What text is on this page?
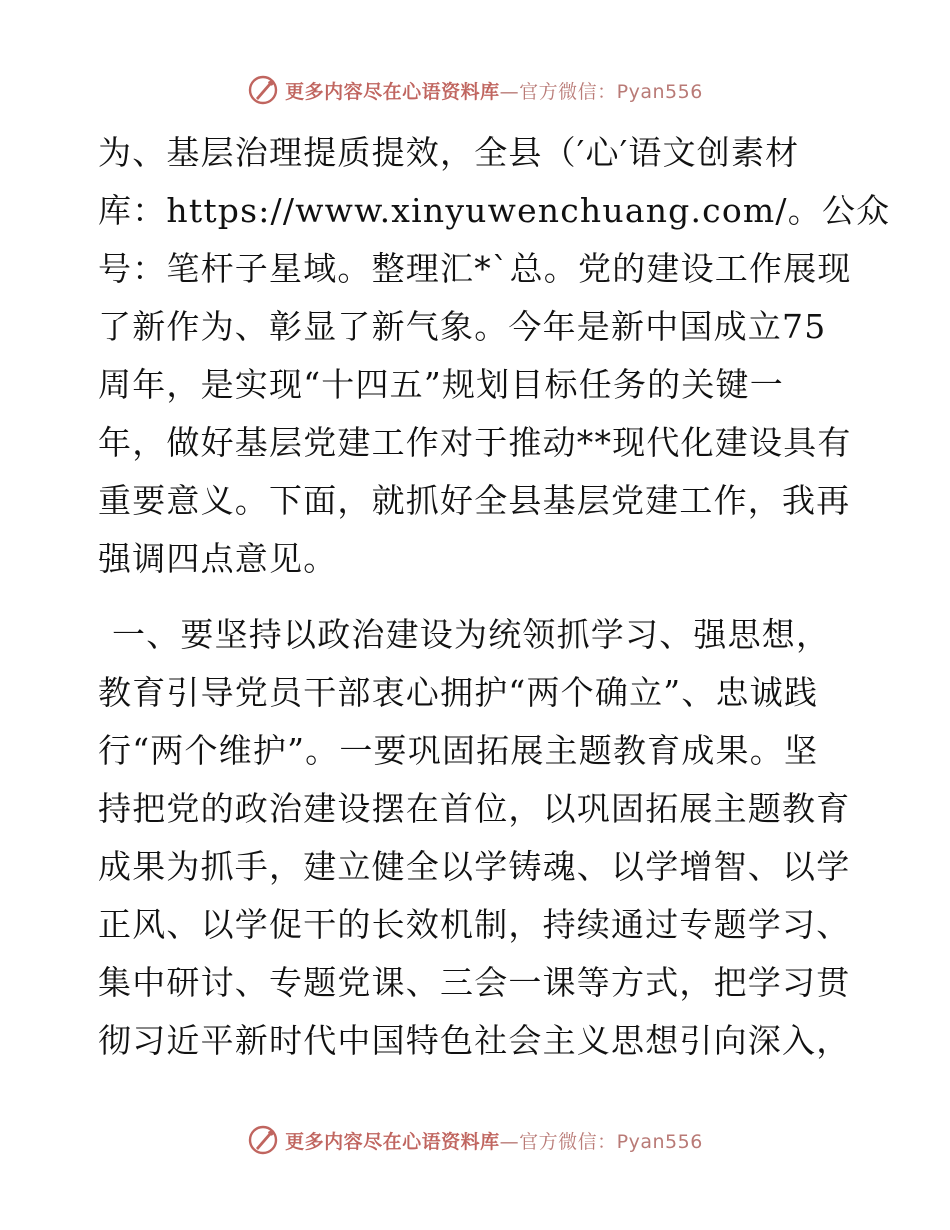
更多内容尽在心语资料库—官方微信：Pyan556
为、基层治理提质提效，全县（′心′语文创素材
库：https://www.xinyuwenchuang.com/。公众
号：笔杆子星域。整理汇*`总。党的建设工作展现
了新作为、彰显了新气象。今年是新中国成立75
周年，是实现“十四五”规划目标任务的关键一
年，做好基层党建工作对于推动**现代化建设具有
重要意义。下面，就抓好全县基层党建工作，我再
强调四点意见。
一、要坚持以政治建设为统领抓学习、强思想，
教育引导党员干部衷心拥护“两个确立”、忠诚践
行“两个维护”。一要巩固拓展主题教育成果。坚
持把党的政治建设摆在首位，以巩固拓展主题教育
成果为抓手，建立健全以学铸魂、以学增智、以学
正风、以学促干的长效机制，持续通过专题学习、
集中研讨、专题党课、三会一课等方式，把学习贯
彻习近平新时代中国特色社会主义思想引向深入，
更多内容尽在心语资料库—官方微信：Pyan556
